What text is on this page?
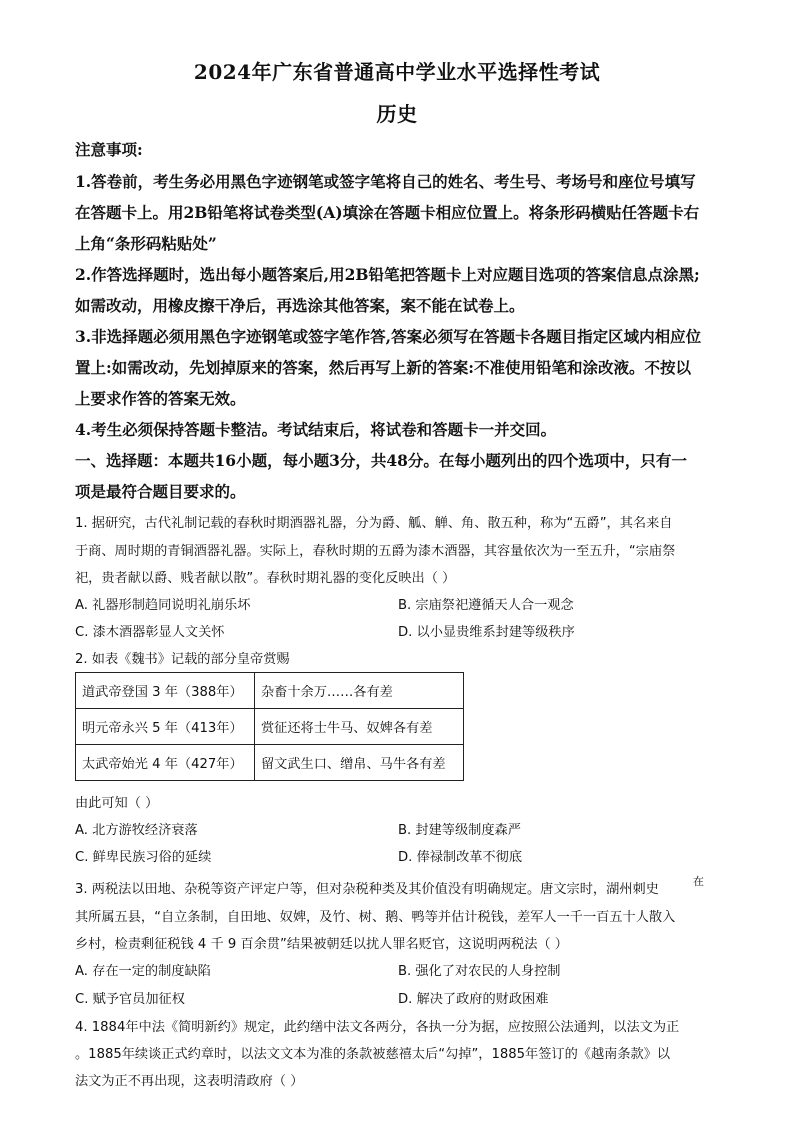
2024年广东省普通高中学业水平选择性考试
历史
注意事项:
1.答卷前，考生务必用黑色字迹钢笔或签字笔将自己的姓名、考生号、考场号和座位号填写
在答题卡上。用2B铅笔将试卷类型(A)填涂在答题卡相应位置上。将条形码横贴任答题卡右
上角“条形码粘贴处”
2.作答选择题时，选出每小题答案后,用2B铅笔把答题卡上对应题目选项的答案信息点涂黑;
如需改动，用橡皮擦干净后，再选涂其他答案，案不能在试卷上。
3.非选择题必须用黑色字迹钢笔或签字笔作答,答案必须写在答题卡各题目指定区域内相应位
置上:如需改动，先划掉原来的答案，然后再写上新的答案:不准使用铅笔和涂改液。不按以
上要求作答的答案无效。
4.考生必须保持答题卡整洁。考试结束后，将试卷和答题卡一并交回。
一、选择题：本题共16小题，每小题3分，共48分。在每小题列出的四个选项中，只有一
项是最符合题目要求的。
1. 据研究，古代礼制记载的春秋时期酒器礼器，分为爵、觚、觯、角、散五种，称为“五爵”，其名来自
于商、周时期的青铜酒器礼器。实际上，春秋时期的五爵为漆木酒器，其容量依次为一至五升，“宗庙祭
祀，贵者献以爵、贱者献以散”。春秋时期礼器的变化反映出（ ）
A. 礼器形制趋同说明礼崩乐坏	B. 宗庙祭祀遵循天人合一观念
C. 漆木酒器彰显人文关怀	D. 以小显贵维系封建等级秩序
2. 如表《魏书》记载的部分皇帝赏赐
道武帝登国 3 年（388年）	杂畜十余万……各有差
明元帝永兴 5 年（413年）	赏征还将士牛马、奴婢各有差
太武帝始光 4 年（427年）	留文武生口、缯帛、马牛各有差
由此可知（ ）
A. 北方游牧经济衰落	B. 封建等级制度森严
C. 鲜卑民族习俗的延续	D. 俸禄制改革不彻底
3. 两税法以田地、杂税等资产评定户等，但对杂税种类及其价值没有明确规定。唐文宗时，湖州刺史
在
其所属五县，“自立条制，自田地、奴婢，及竹、树、鹅、鸭等并估计税钱，差军人一千一百五十人散入
乡村，检责剩征税钱 4 千 9 百余贯”结果被朝廷以扰人罪名贬官，这说明两税法（ ）
A. 存在一定的制度缺陷	B. 强化了对农民的人身控制
C. 赋予官员加征权	D. 解决了政府的财政困难
4. 1884年中法《简明新约》规定，此约缮中法文各两分，各执一分为据，应按照公法通判，以法文为正
。1885年续谈正式约章时，以法文文本为准的条款被慈禧太后“勾掉”，1885年签订的《越南条款》以
法文为正不再出现，这表明清政府（ ）
